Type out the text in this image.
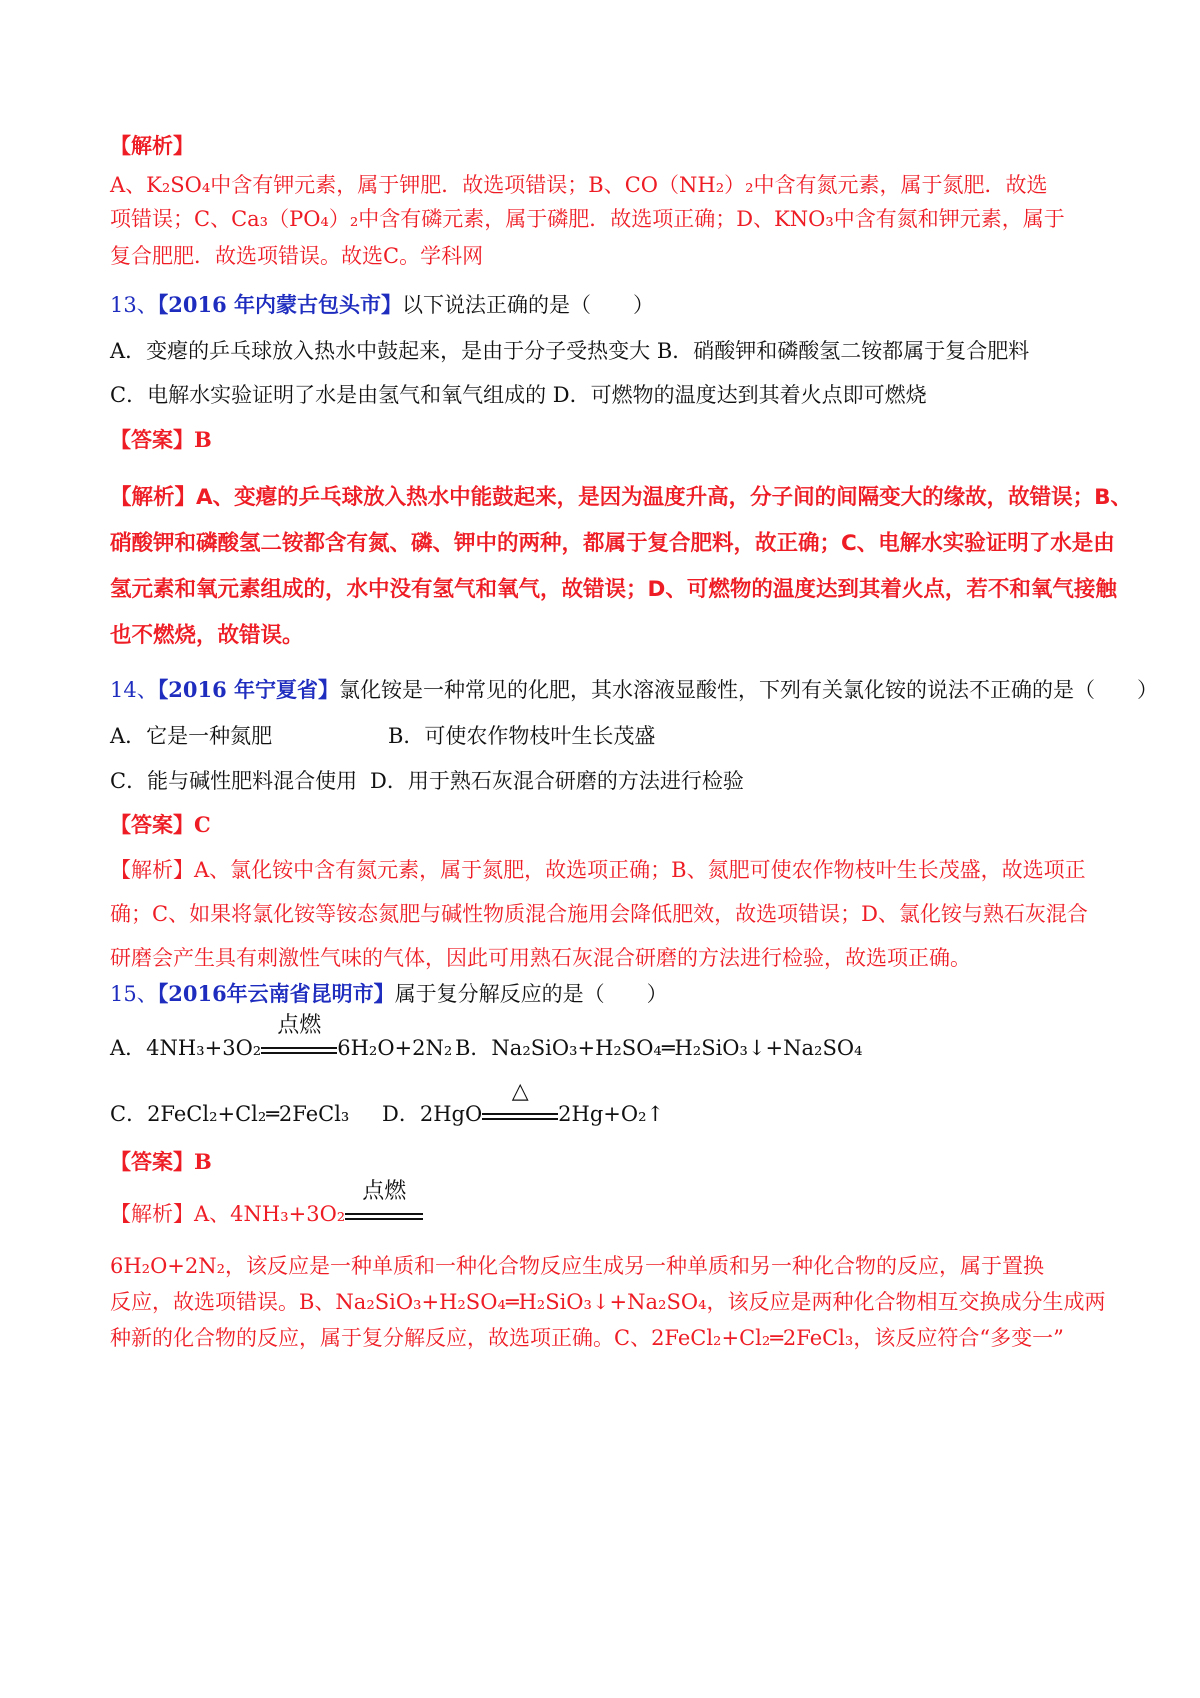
【解析】
A、K₂SO₄中含有钾元素，属于钾肥．故选项错误；B、CO（NH₂）₂中含有氮元素，属于氮肥．故选
项错误；C、Ca₃（PO₄）₂中含有磷元素，属于磷肥．故选项正确；D、KNO₃中含有氮和钾元素，属于
复合肥肥．故选项错误。故选C。学科网
13、【2016 年内蒙古包头市】以下说法正确的是（　　）
A．变瘪的乒乓球放入热水中鼓起来，是由于分子受热变大 B．硝酸钾和磷酸氢二铵都属于复合肥料
C．电解水实验证明了水是由氢气和氧气组成的 D．可燃物的温度达到其着火点即可燃烧
【答案】B
【解析】A、变瘪的乒乓球放入热水中能鼓起来，是因为温度升高，分子间的间隔变大的缘故，故错误；B、
硝酸钾和磷酸氢二铵都含有氮、磷、钾中的两种，都属于复合肥料，故正确；C、电解水实验证明了水是由
氢元素和氧元素组成的，水中没有氢气和氧气，故错误；D、可燃物的温度达到其着火点，若不和氧气接触
也不燃烧，故错误。
14、【2016 年宁夏省】氯化铵是一种常见的化肥，其水溶液显酸性，下列有关氯化铵的说法不正确的是（　　）
A．它是一种氮肥	B．可使农作物枝叶生长茂盛
C．能与碱性肥料混合使用 D．用于熟石灰混合研磨的方法进行检验
【答案】C
【解析】A、氯化铵中含有氮元素，属于氮肥，故选项正确；B、氮肥可使农作物枝叶生长茂盛，故选项正
确；C、如果将氯化铵等铵态氮肥与碱性物质混合施用会降低肥效，故选项错误；D、氯化铵与熟石灰混合
研磨会产生具有刺激性气味的气体，因此可用熟石灰混合研磨的方法进行检验，故选项正确。
15、【2016年云南省昆明市】属于复分解反应的是（　　）
A．4NH₃+3O₂
点燃
6H₂O+2N₂ B．Na₂SiO₃+H₂SO₄═H₂SiO₃↓+Na₂SO₄
C．2FeCl₂+Cl₂═2FeCl₃ D．2HgO
△
2Hg+O₂↑
【答案】B
【解析】A、4NH₃+3O₂
点燃
6H₂O+2N₂，该反应是一种单质和一种化合物反应生成另一种单质和另一种化合物的反应，属于置换
反应，故选项错误。B、Na₂SiO₃+H₂SO₄═H₂SiO₃↓+Na₂SO₄，该反应是两种化合物相互交换成分生成两
种新的化合物的反应，属于复分解反应，故选项正确。C、2FeCl₂+Cl₂═2FeCl₃，该反应符合“多变一”
